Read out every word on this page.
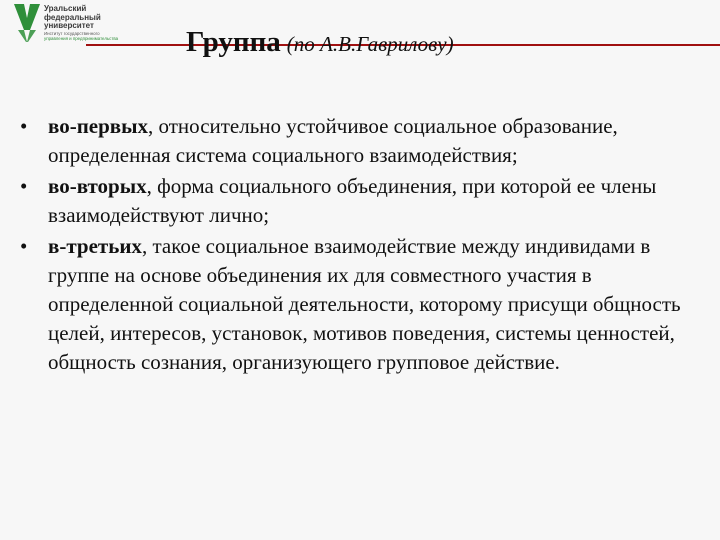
Уральский
федеральный
университет
Институт государственного
управления и предпринимательства	Группа (по А.В.Гаврилову)
• во-первых, относительно устойчивое социальное образование, определенная система социального взаимодействия;
• во-вторых, форма социального объединения, при которой ее члены взаимодействуют лично;
• в-третьих, такое социальное взаимодействие между индивидами в группе на основе объединения их для совместного участия в определенной социальной деятельности, которому присущи общность целей, интересов, установок, мотивов поведения, системы ценностей, общность сознания, организующего групповое действие.
